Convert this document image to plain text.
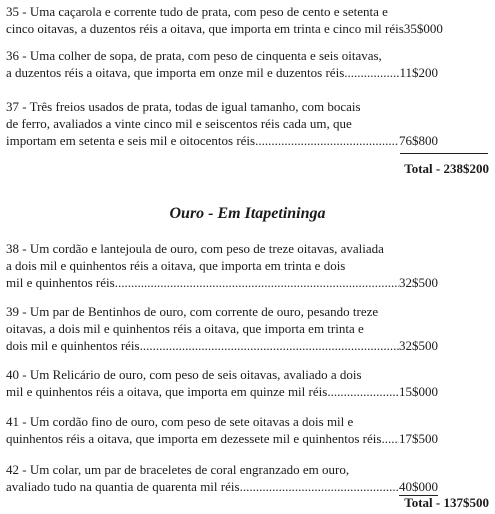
35 - Uma caçarola e corrente tudo de prata, com peso de cento e setenta e
cinco oitavas, a duzentos réis a oitava, que importa em trinta e cinco mil réis 35$000
36 - Uma colher de sopa, de prata, com peso de cinquenta e seis oitavas,
a duzentos réis a oitava, que importa em onze mil e duzentos réis .....	11$200
37 - Três freios usados de prata, todas de igual tamanho, com bocais
de ferro, avaliados a vinte cinco mil e seiscentos réis cada um, que
importam em setenta e seis mil e oitocentos réis .....	76$800
Total - 238$200
Ouro - Em Itapetininga
38 - Um cordão e lantejoula de ouro, com peso de treze oitavas, avaliada
a dois mil e quinhentos réis a oitava, que importa em trinta e dois
mil e quinhentos réis .....	32$500
39 - Um par de Bentinhos de ouro, com corrente de ouro, pesando treze
oitavas, a dois mil e quinhentos réis a oitava, que importa em trinta e
dois mil e quinhentos réis .....	32$500
40 - Um Relicário de ouro, com peso de seis oitavas, avaliado a dois
mil e quinhentos réis a oitava, que importa em quinze mil réis .....	15$000
41 - Um cordão fino de ouro, com peso de sete oitavas a dois mil e
quinhentos réis a oitava, que importa em dezessete mil e quinhentos réis ..... 17$500
42 - Um colar, um par de braceletes de coral engranzado em ouro,
avaliado tudo na quantia de quarenta mil réis .....	40$000
Total - 137$500
